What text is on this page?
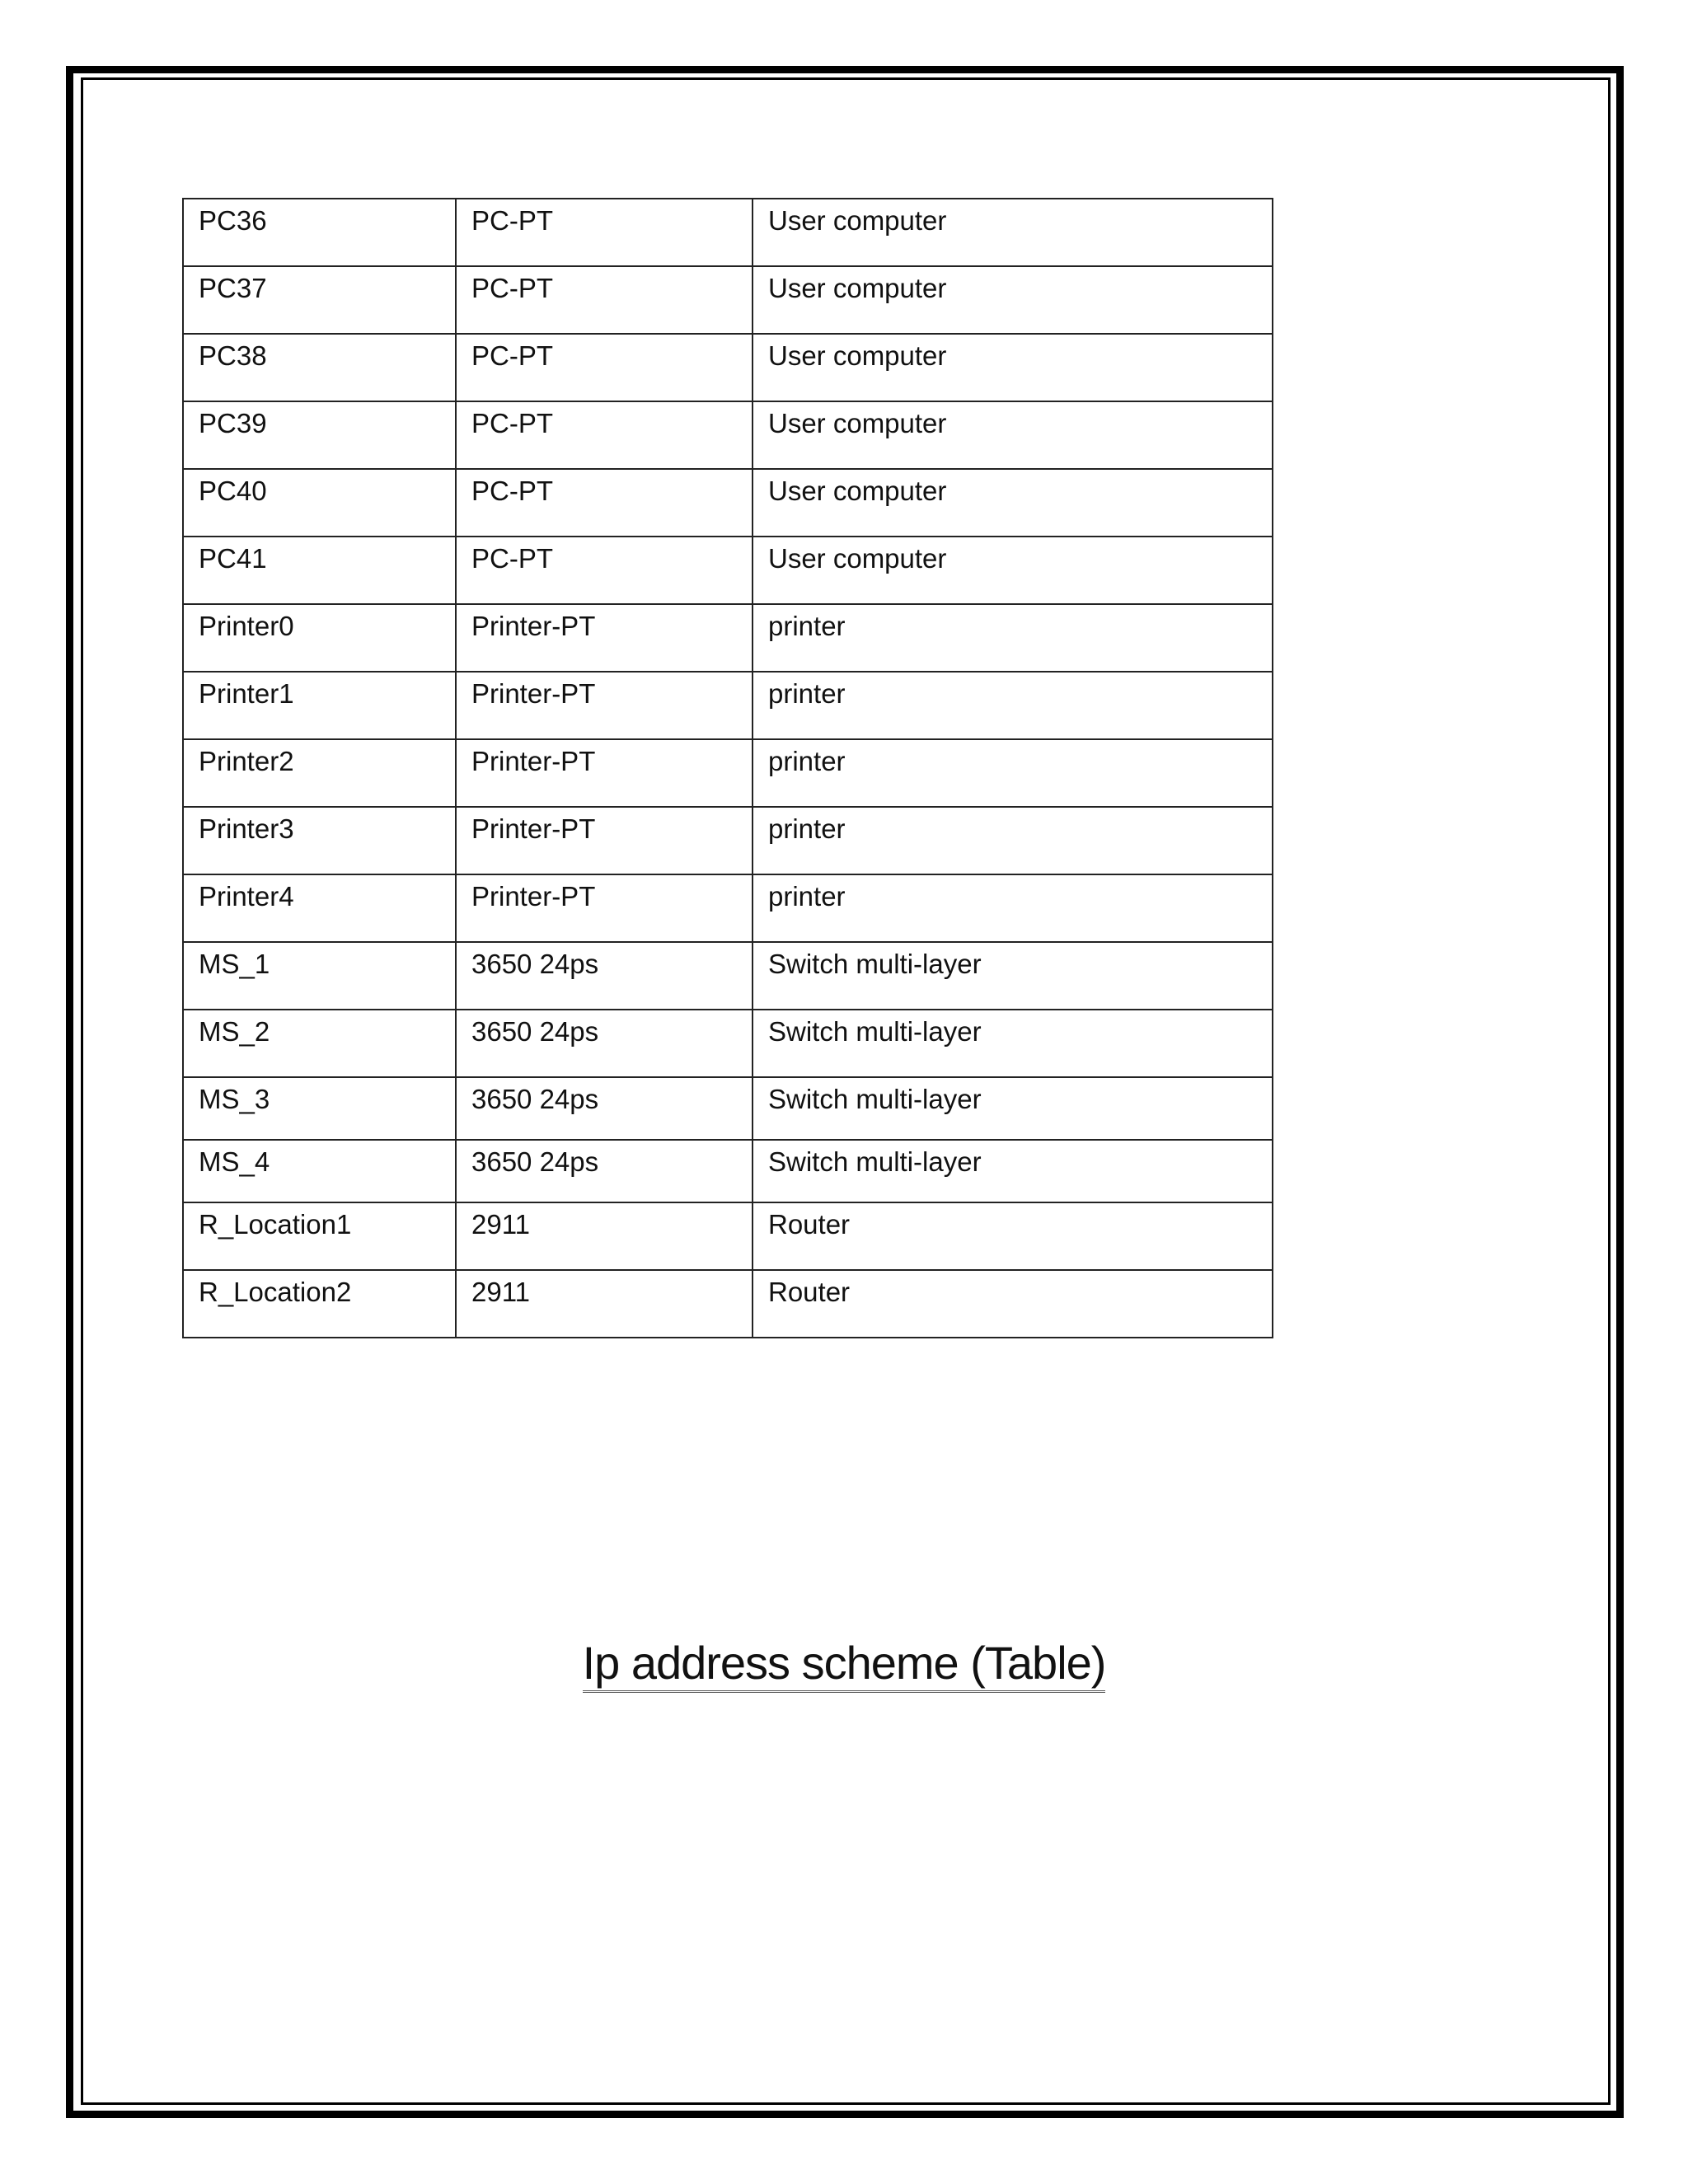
PC36	PC-PT	User computer
PC37	PC-PT	User computer
PC38	PC-PT	User computer
PC39	PC-PT	User computer
PC40	PC-PT	User computer
PC41	PC-PT	User computer
Printer0	Printer-PT	printer
Printer1	Printer-PT	printer
Printer2	Printer-PT	printer
Printer3	Printer-PT	printer
Printer4	Printer-PT	printer
MS_1	3650 24ps	Switch multi-layer
MS_2	3650 24ps	Switch multi-layer
MS_3	3650 24ps	Switch multi-layer
MS_4	3650 24ps	Switch multi-layer
R_Location1	2911	Router
R_Location2	2911	Router
Ip address scheme (Table)
